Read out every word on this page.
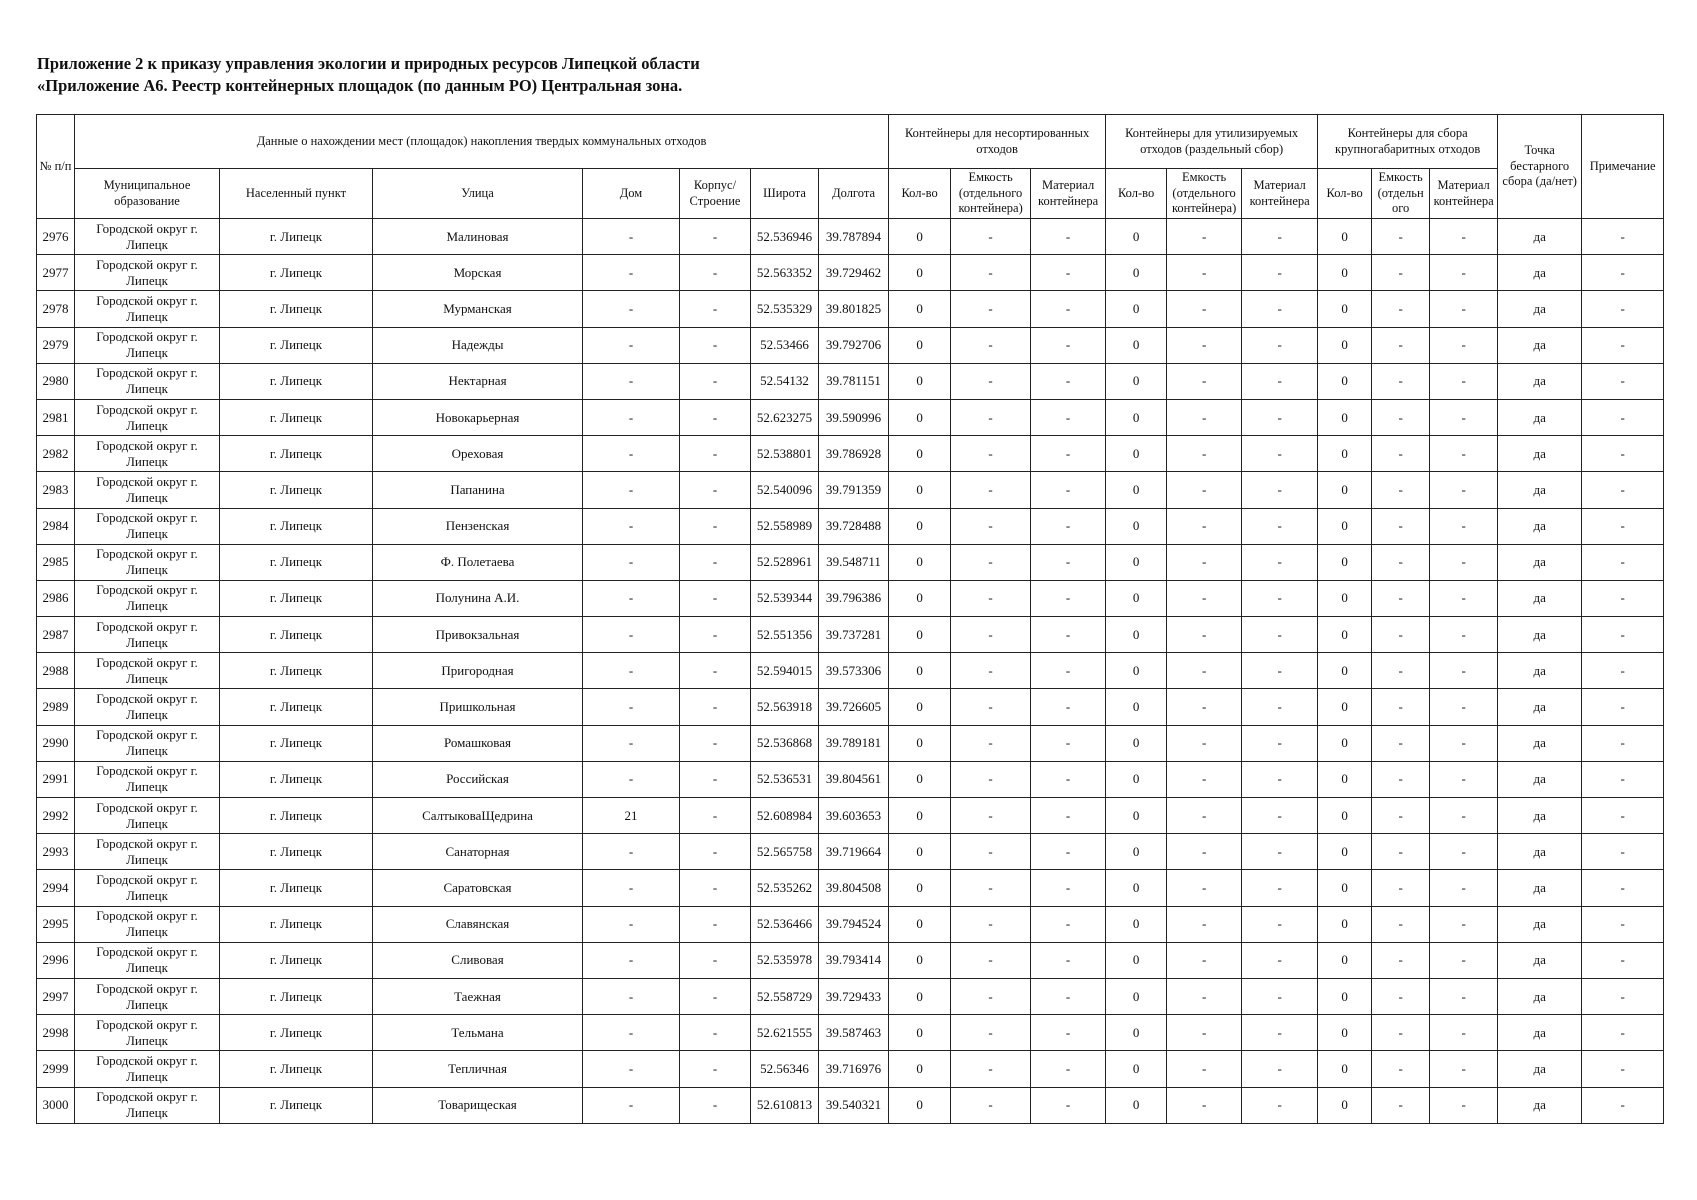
Приложение 2 к приказу управления экологии и природных ресурсов Липецкой области
«Приложение А6. Реестр контейнерных площадок (по данным РО) Центральная зона.
№ п/п	Данные о нахождении мест (площадок) накопления твердых коммунальных отходов							Контейнеры для несортированных отходов			Контейнеры для утилизируемых отходов (раздельный сбор)			Контейнеры для сбора крупногабаритных отходов			Точка бестарного сбора (да/нет)	Примечание
	Муниципальное образование	Населенный пункт	Улица	Дом	Корпус/ Строение	Широта	Долгота	Кол-во	Емкость (отдельного контейнера)	Материал контейнера	Кол-во	Емкость (отдельного контейнера)	Материал контейнера	Кол-во	Емкость (отдельн ого	Материал контейнера		
2976	Городской округ г. Липецк	г. Липецк	Малиновая	-	-	52.536946	39.787894	0	-	-	0	-	-	0	-	-	да	-
2977	Городской округ г. Липецк	г. Липецк	Морская	-	-	52.563352	39.729462	0	-	-	0	-	-	0	-	-	да	-
2978	Городской округ г. Липецк	г. Липецк	Мурманская	-	-	52.535329	39.801825	0	-	-	0	-	-	0	-	-	да	-
2979	Городской округ г. Липецк	г. Липецк	Надежды	-	-	52.53466	39.792706	0	-	-	0	-	-	0	-	-	да	-
2980	Городской округ г. Липецк	г. Липецк	Нектарная	-	-	52.54132	39.781151	0	-	-	0	-	-	0	-	-	да	-
2981	Городской округ г. Липецк	г. Липецк	Новокарьерная	-	-	52.623275	39.590996	0	-	-	0	-	-	0	-	-	да	-
2982	Городской округ г. Липецк	г. Липецк	Ореховая	-	-	52.538801	39.786928	0	-	-	0	-	-	0	-	-	да	-
2983	Городской округ г. Липецк	г. Липецк	Папанина	-	-	52.540096	39.791359	0	-	-	0	-	-	0	-	-	да	-
2984	Городской округ г. Липецк	г. Липецк	Пензенская	-	-	52.558989	39.728488	0	-	-	0	-	-	0	-	-	да	-
2985	Городской округ г. Липецк	г. Липецк	Ф. Полетаева	-	-	52.528961	39.548711	0	-	-	0	-	-	0	-	-	да	-
2986	Городской округ г. Липецк	г. Липецк	Полунина А.И.	-	-	52.539344	39.796386	0	-	-	0	-	-	0	-	-	да	-
2987	Городской округ г. Липецк	г. Липецк	Привокзальная	-	-	52.551356	39.737281	0	-	-	0	-	-	0	-	-	да	-
2988	Городской округ г. Липецк	г. Липецк	Пригородная	-	-	52.594015	39.573306	0	-	-	0	-	-	0	-	-	да	-
2989	Городской округ г. Липецк	г. Липецк	Пришкольная	-	-	52.563918	39.726605	0	-	-	0	-	-	0	-	-	да	-
2990	Городской округ г. Липецк	г. Липецк	Ромашковая	-	-	52.536868	39.789181	0	-	-	0	-	-	0	-	-	да	-
2991	Городской округ г. Липецк	г. Липецк	Российская	-	-	52.536531	39.804561	0	-	-	0	-	-	0	-	-	да	-
2992	Городской округ г. Липецк	г. Липецк	СалтыковаЩедрина	21	-	52.608984	39.603653	0	-	-	0	-	-	0	-	-	да	-
2993	Городской округ г. Липецк	г. Липецк	Санаторная	-	-	52.565758	39.719664	0	-	-	0	-	-	0	-	-	да	-
2994	Городской округ г. Липецк	г. Липецк	Саратовская	-	-	52.535262	39.804508	0	-	-	0	-	-	0	-	-	да	-
2995	Городской округ г. Липецк	г. Липецк	Славянская	-	-	52.536466	39.794524	0	-	-	0	-	-	0	-	-	да	-
2996	Городской округ г. Липецк	г. Липецк	Сливовая	-	-	52.535978	39.793414	0	-	-	0	-	-	0	-	-	да	-
2997	Городской округ г. Липецк	г. Липецк	Таежная	-	-	52.558729	39.729433	0	-	-	0	-	-	0	-	-	да	-
2998	Городской округ г. Липецк	г. Липецк	Тельмана	-	-	52.621555	39.587463	0	-	-	0	-	-	0	-	-	да	-
2999	Городской округ г. Липецк	г. Липецк	Тепличная	-	-	52.56346	39.716976	0	-	-	0	-	-	0	-	-	да	-
3000	Городской округ г. Липецк	г. Липецк	Товарищеская	-	-	52.610813	39.540321	0	-	-	0	-	-	0	-	-	да	-
